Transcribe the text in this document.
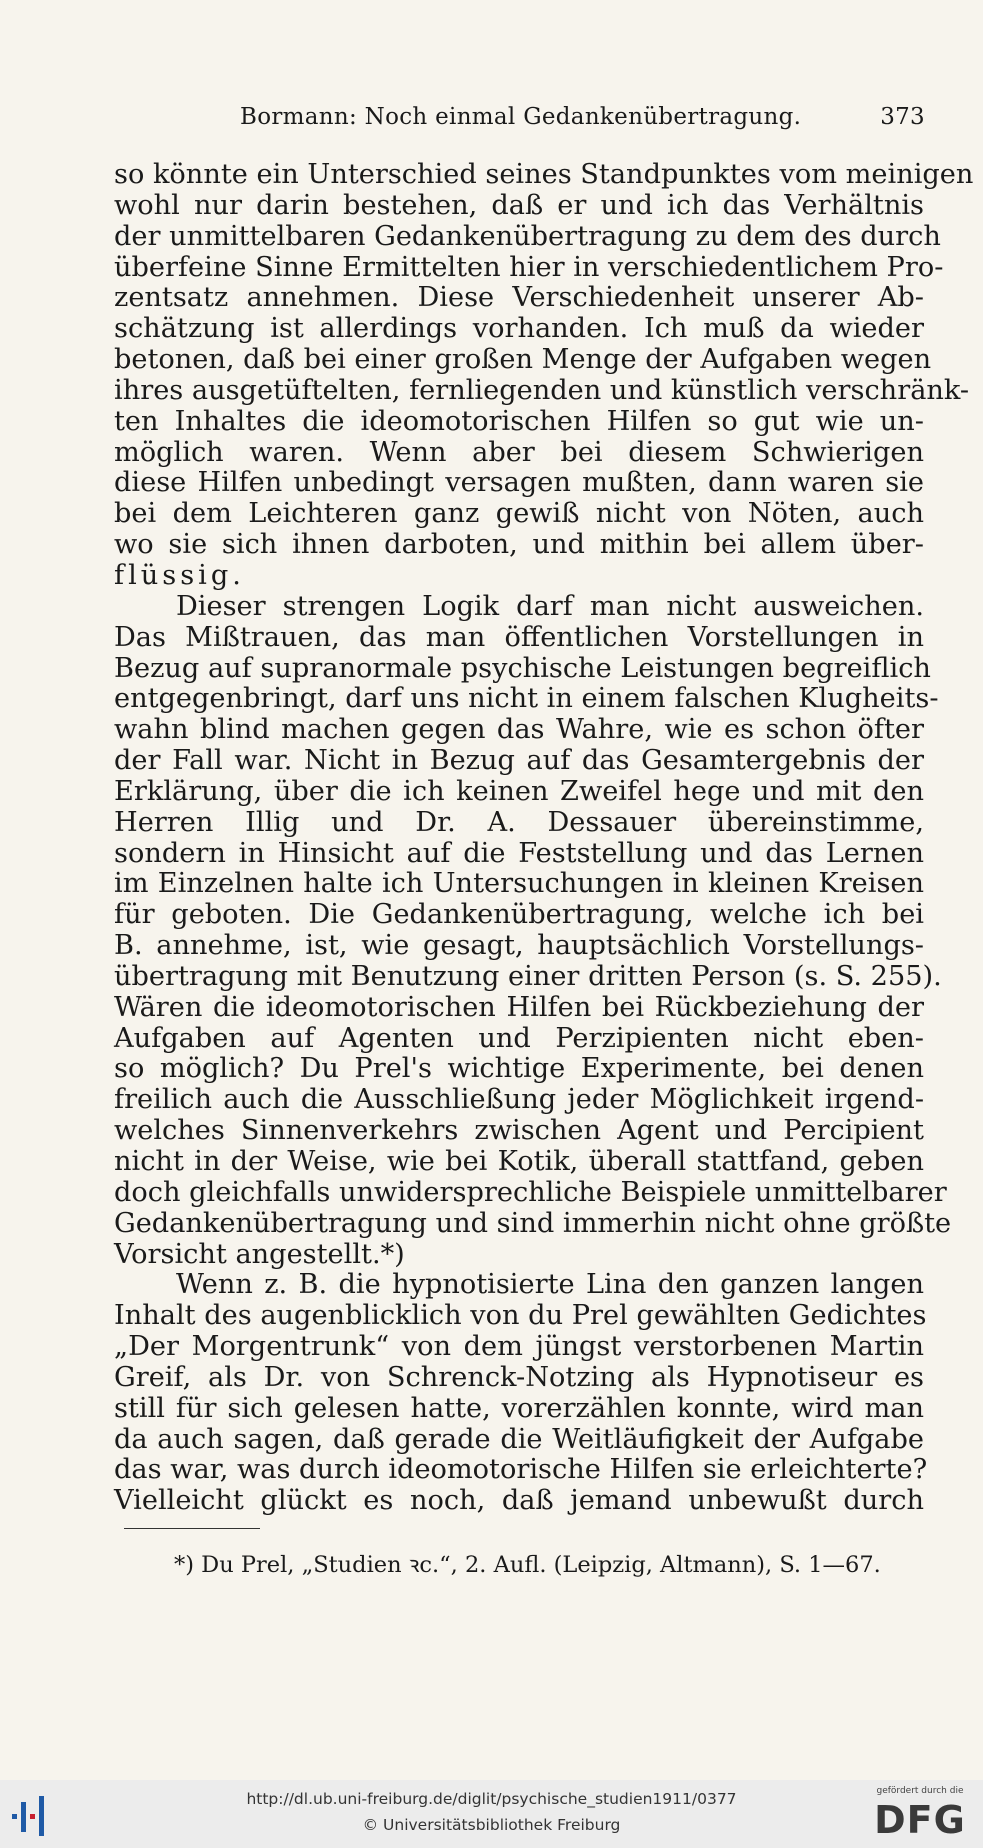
Bormann: Noch einmal Gedankenübertragung.	373
so könnte ein Unterschied seines Standpunktes vom meinigen
wohl nur darin bestehen, daß er und ich das Verhältnis
der unmittelbaren Gedankenübertragung zu dem des durch
überfeine Sinne Ermittelten hier in verschiedentlichem Pro-
zentsatz annehmen. Diese Verschiedenheit unserer Ab-
schätzung ist allerdings vorhanden. Ich muß da wieder
betonen, daß bei einer großen Menge der Aufgaben wegen
ihres ausgetüftelten, fernliegenden und künstlich verschränk-
ten Inhaltes die ideomotorischen Hilfen so gut wie un-
möglich waren. Wenn aber bei diesem Schwierigen
diese Hilfen unbedingt versagen mußten, dann waren sie
bei dem Leichteren ganz gewiß nicht von Nöten, auch
wo sie sich ihnen darboten, und mithin bei allem über-
flüssig.
Dieser strengen Logik darf man nicht ausweichen.
Das Mißtrauen, das man öffentlichen Vorstellungen in
Bezug auf supranormale psychische Leistungen begreiflich
entgegenbringt, darf uns nicht in einem falschen Klugheits-
wahn blind machen gegen das Wahre, wie es schon öfter
der Fall war. Nicht in Bezug auf das Gesamtergebnis der
Erklärung, über die ich keinen Zweifel hege und mit den
Herren Illig und Dr. A. Dessauer übereinstimme,
sondern in Hinsicht auf die Feststellung und das Lernen
im Einzelnen halte ich Untersuchungen in kleinen Kreisen
für geboten. Die Gedankenübertragung, welche ich bei
B. annehme, ist, wie gesagt, hauptsächlich Vorstellungs-
übertragung mit Benutzung einer dritten Person (s. S. 255).
Wären die ideomotorischen Hilfen bei Rückbeziehung der
Aufgaben auf Agenten und Perzipienten nicht eben-
so möglich? Du Prel's wichtige Experimente, bei denen
freilich auch die Ausschließung jeder Möglichkeit irgend-
welches Sinnenverkehrs zwischen Agent und Percipient
nicht in der Weise, wie bei Kotik, überall stattfand, geben
doch gleichfalls unwidersprechliche Beispiele unmittelbarer
Gedankenübertragung und sind immerhin nicht ohne größte
Vorsicht angestellt.*)
Wenn z. B. die hypnotisierte Lina den ganzen langen
Inhalt des augenblicklich von du Prel gewählten Gedichtes
„Der Morgentrunk“ von dem jüngst verstorbenen Martin
Greif, als Dr. von Schrenck-Notzing als Hypnotiseur es
still für sich gelesen hatte, vorerzählen konnte, wird man
da auch sagen, daß gerade die Weitläufigkeit der Aufgabe
das war, was durch ideomotorische Hilfen sie erleichterte?
Vielleicht glückt es noch, daß jemand unbewußt durch
*) Du Prel, „Studien ꝛc.“, 2. Aufl. (Leipzig, Altmann), S. 1—67.
http://dl.ub.uni-freiburg.de/diglit/psychische_studien1911/0377
© Universitätsbibliothek Freiburg
gefördert durch die
DFG
